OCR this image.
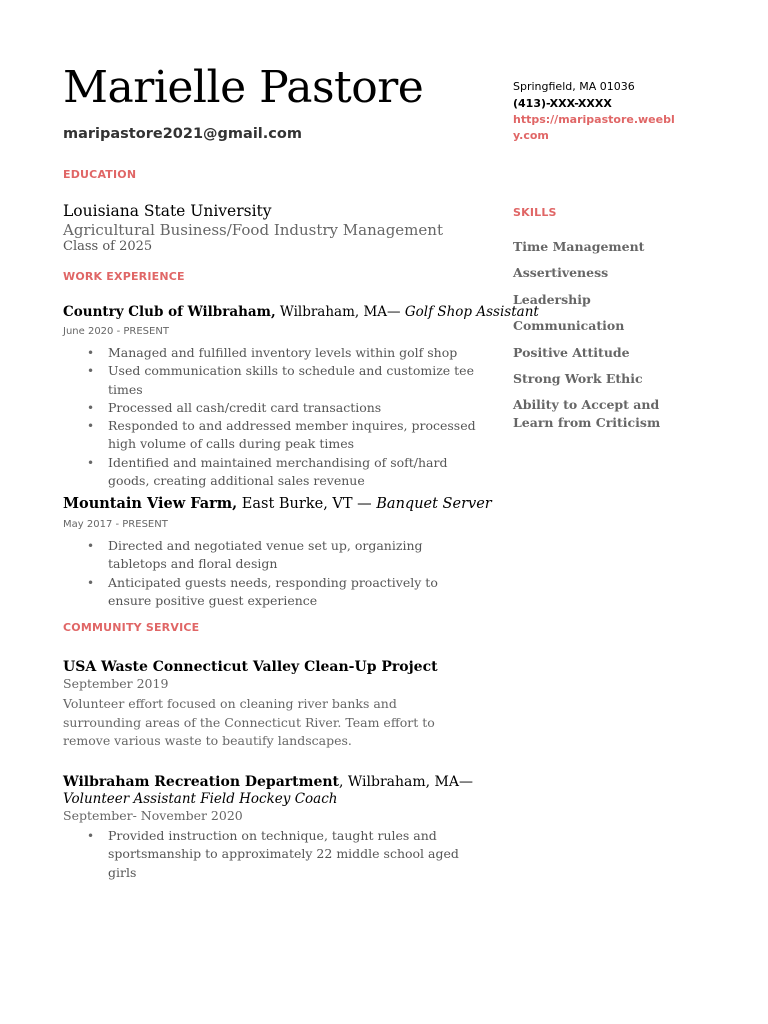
Marielle Pastore
maripastore2021@gmail.com
Springfield, MA 01036
(413)-XXX-XXXX
https://maripastore.weebly.com
EDUCATION
Louisiana State University
Agricultural Business/Food Industry Management
Class of 2025
WORK EXPERIENCE
Country Club of Wilbraham, Wilbraham, MA— Golf Shop Assistant
June 2020 - PRESENT
• Managed and fulfilled inventory levels within golf shop
• Used communication skills to schedule and customize tee times
• Processed all cash/credit card transactions
• Responded to and addressed member inquires, processed high volume of calls during peak times
• Identified and maintained merchandising of soft/hard goods, creating additional sales revenue
Mountain View Farm, East Burke, VT — Banquet Server
May 2017 - PRESENT
• Directed and negotiated venue set up, organizing tabletops and floral design
• Anticipated guests needs, responding proactively to ensure positive guest experience
COMMUNITY SERVICE
USA Waste Connecticut Valley Clean-Up Project
September 2019
Volunteer effort focused on cleaning river banks and surrounding areas of the Connecticut River. Team effort to remove various waste to beautify landscapes.
Wilbraham Recreation Department, Wilbraham, MA—
Volunteer Assistant Field Hockey Coach
September- November 2020
• Provided instruction on technique, taught rules and sportsmanship to approximately 22 middle school aged girls
SKILLS
Time Management
Assertiveness
Leadership
Communication
Positive Attitude
Strong Work Ethic
Ability to Accept and Learn from Criticism
